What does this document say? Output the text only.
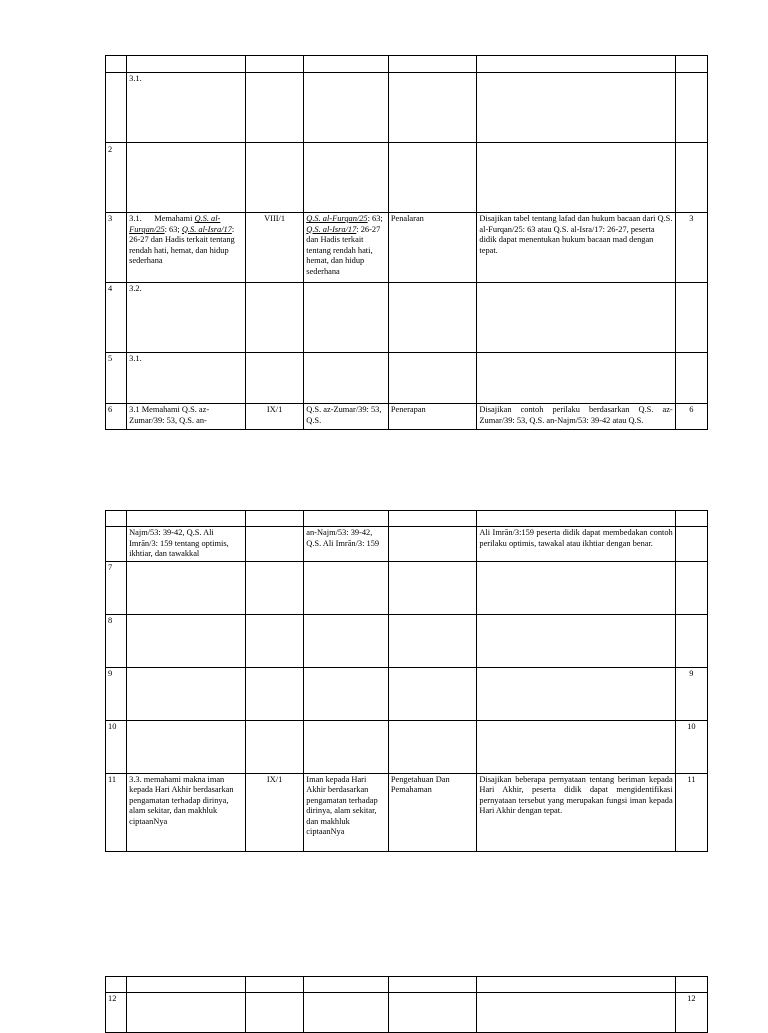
	3.1.					

2						

3	3.1. Memahami Q.S. al-Furqan/25: 63; Q.S. al-Isra/17: 26-27 dan Hadis terkait tentang rendah hati, hemat, dan hidup sederhana	VIII/1	Q.S. al-Furqan/25: 63; Q.S. al-Isra/17: 26-27 dan Hadis terkait tentang rendah hati, hemat, dan hidup sederhana	Penalaran	Disajikan tabel tentang lafad dan hukum bacaan dari Q.S. al-Furqan/25: 63 atau Q.S. al-Isra/17: 26-27, peserta didik dapat menentukan hukum bacaan mad dengan tepat.	3
4	3.2.					
5	3.1.					
6	3.1 Memahami Q.S. az-Zumar/39: 53, Q.S. an-	IX/1	Q.S. az-Zumar/39: 53, Q.S.	Penerapan	Disajikan contoh perilaku berdasarkan Q.S. az-Zumar/39: 53, Q.S. an-Najm/53: 39-42 atau Q.S.	6

	Najm/53: 39-42, Q.S. Ali Imrān/3: 159 tentang optimis, ikhtiar, dan tawakkal		an-Najm/53: 39-42, Q.S. Ali Imrān/3: 159		Ali Imrān/3:159 peserta didik dapat membedakan contoh perilaku optimis, tawakal atau ikhtiar dengan benar.	
7						
8						
9						9
10						10
11	3.3. memahami makna iman kepada Hari Akhir berdasarkan pengamatan terhadap dirinya, alam sekitar, dan makhluk ciptaanNya	IX/1	Iman kepada Hari Akhir berdasarkan pengamatan terhadap dirinya, alam sekitar, dan makhluk ciptaanNya	Pengetahuan Dan Pemahaman	Disajikan beberapa pernyataan tentang beriman kepada Hari Akhir, peserta didik dapat mengidentifikasi pernyataan tersebut yang merupakan fungsi iman kepada Hari Akhir dengan tepat.	11

12						12
